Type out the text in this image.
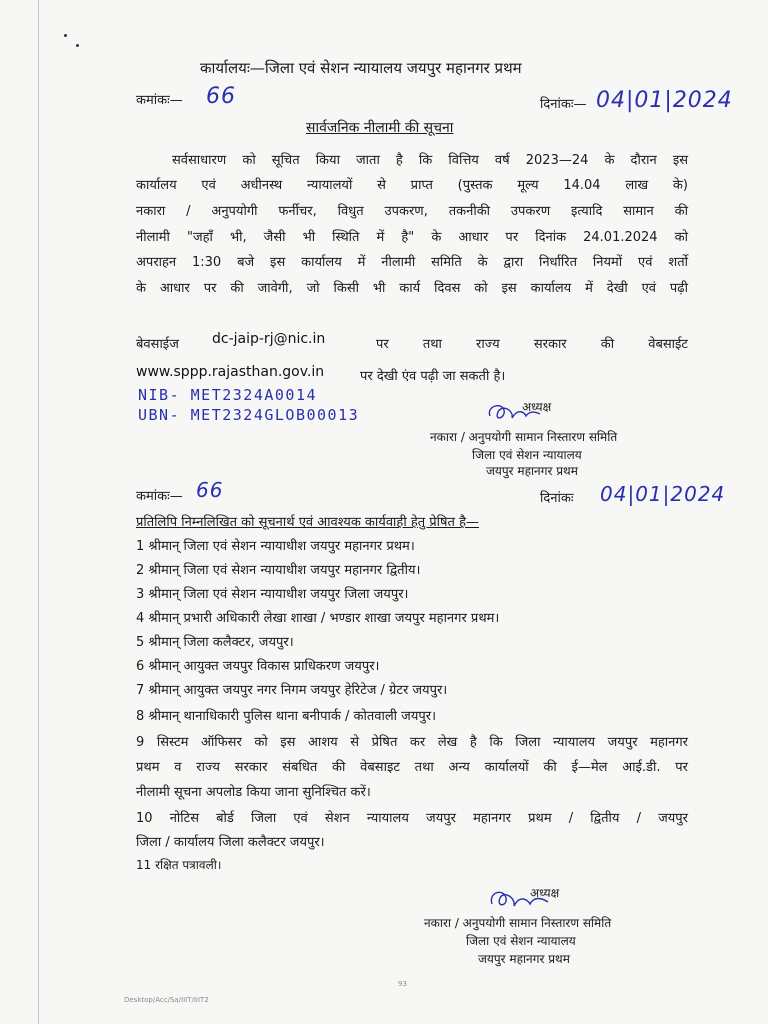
कार्यालयः—जिला एवं सेशन न्यायालय जयपुर महानगर प्रथम
कमांकः— 66	दिनांकः— 04|01|2024
सार्वजनिक नीलामी की सूचना
सर्वसाधारण को सूचित किया जाता है कि वित्तिय वर्ष 2023—24 के दौरान इस
कार्यालय एवं अधीनस्थ न्यायालयों से प्राप्त (पुस्तक मूल्य 14.04 लाख के)
नकारा / अनुपयोगी फर्नीचर, विधुत उपकरण, तकनीकी उपकरण इत्यादि सामान की
नीलामी "जहाँ भी, जैसी भी स्थिति में है" के आधार पर दिनांक 24.01.2024 को
अपराहन 1:30 बजे इस कार्यालय में नीलामी समिति के द्वारा निर्धारित नियमों एवं शर्तो
के आधार पर की जावेगी, जो किसी भी कार्य दिवस को इस कार्यालय में देखी एवं पढ़ी
बेवसाईज dc-jaip-rj@nic.in	पर तथा राज्य सरकार की वेबसाईट
www.sppp.rajasthan.gov.in	पर देखी एंव पढ़ी जा सकती है।
NIB- MET2324A0014
UBN- MET2324GLOB00013	अध्यक्ष
नकारा / अनुपयोगी सामान निस्तारण समिति
जिला एवं सेशन न्यायालय
जयपुर महानगर प्रथम
कमांकः— 66	दिनांकः 04|01|2024
प्रतिलिपि निम्नलिखित को सूचनार्थ एवं आवश्यक कार्यवाही हेतु प्रेषित है—
1 श्रीमान् जिला एवं सेशन न्यायाधीश जयपुर महानगर प्रथम।
2 श्रीमान् जिला एवं सेशन न्यायाधीश जयपुर महानगर द्वितीय।
3 श्रीमान् जिला एवं सेशन न्यायाधीश जयपुर जिला जयपुर।
4 श्रीमान् प्रभारी अधिकारी लेखा शाखा / भण्डार शाखा जयपुर महानगर प्रथम।
5 श्रीमान् जिला कलैक्टर, जयपुर।
6 श्रीमान् आयुक्त जयपुर विकास प्राधिकरण जयपुर।
7 श्रीमान् आयुक्त जयपुर नगर निगम जयपुर हेरिटेज / ग्रेटर जयपुर।
8 श्रीमान् थानाधिकारी पुलिस थाना बनीपार्क / कोतवाली जयपुर।
9 सिस्टम ऑफिसर को इस आशय से प्रेषित कर लेख है कि जिला न्यायालय जयपुर महानगर
प्रथम व राज्य सरकार संबधित की वेबसाइट तथा अन्य कार्यालयों की ई—मेल आई.डी. पर
नीलामी सूचना अपलोड किया जाना सुनिश्चित करें।
10 नोटिस बोर्ड जिला एवं सेशन न्यायालय जयपुर महानगर प्रथम / द्वितीय / जयपुर
जिला / कार्यालय जिला कलैक्टर जयपुर।
11 रक्षित पत्रावली।
अध्यक्ष
नकारा / अनुपयोगी सामान निस्तारण समिति
जिला एवं सेशन न्यायालय
जयपुर महानगर प्रथम
93
Desktop/Acc/Sa/IIIT/IIIT2
